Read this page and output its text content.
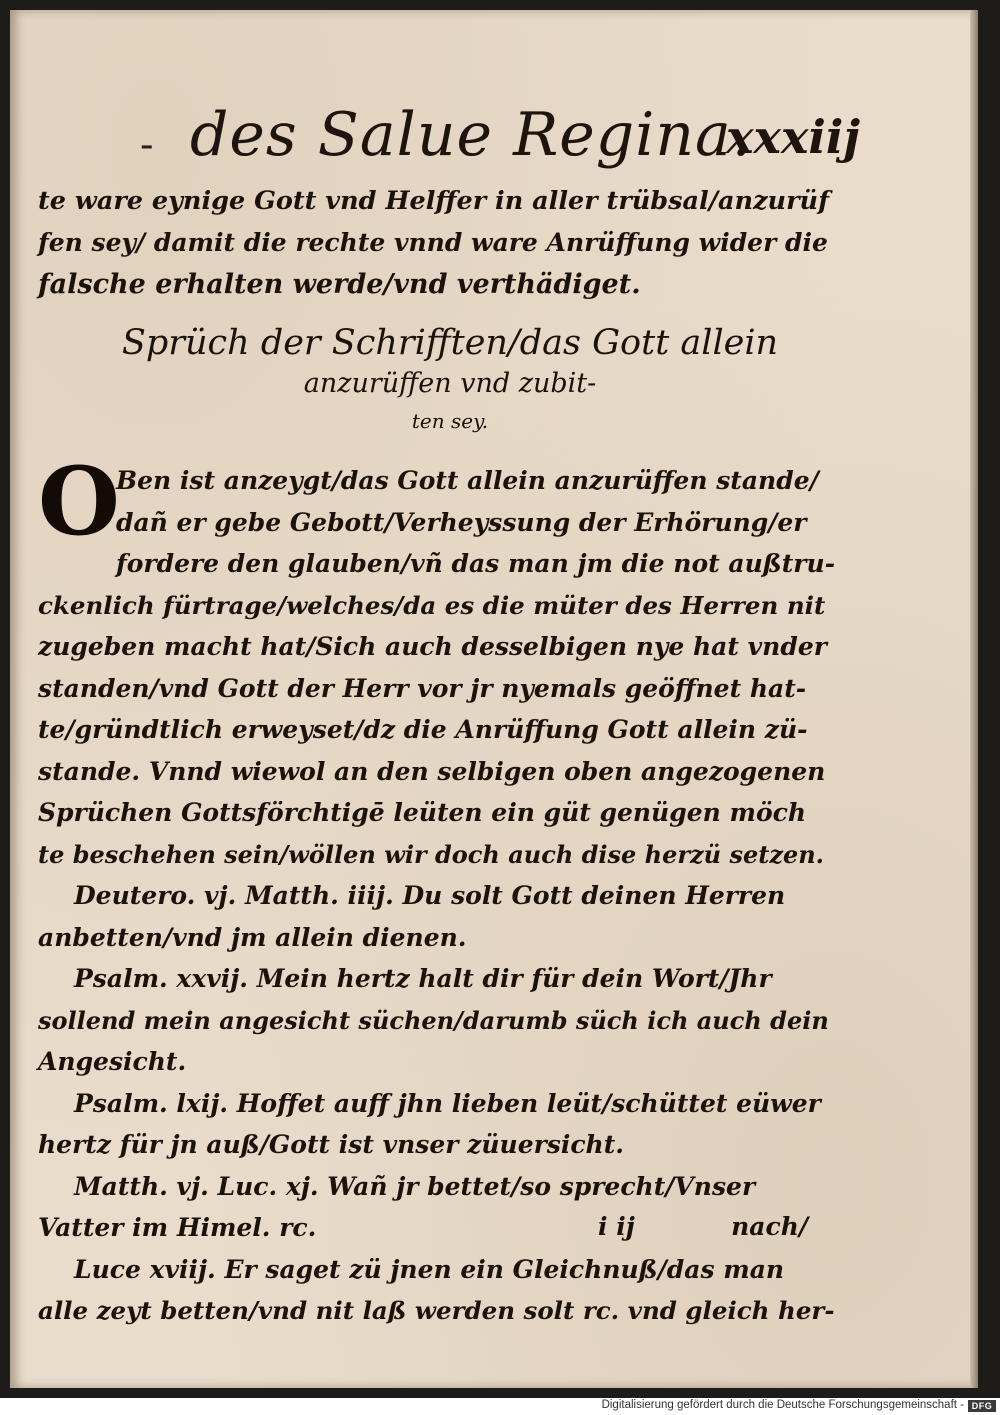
- des Salue Regina.
xxxiij
te ware eynige Gott vnd Helffer in aller trübsal/anzurüf
fen sey/ damit die rechte vnnd ware Anrüffung wider die
falsche erhalten werde/vnd verthädiget.
Sprüch der Schrifften/das Gott allein
anzurüffen vnd zubit-
ten sey.
O
Ben ist anzeygt/das Gott allein anzurüffen stande/
dañ er gebe Gebott/Verheyssung der Erhörung/er
fordere den glauben/vñ das man jm die not außtru-
ckenlich fürtrage/welches/da es die müter des Herren nit
zugeben macht hat/Sich auch desselbigen nye hat vnder
standen/vnd Gott der Herr vor jr nyemals geöffnet hat-
te/gründtlich erweyset/dz die Anrüffung Gott allein zü-
stande. Vnnd wiewol an den selbigen oben angezogenen
Sprüchen Gottsförchtigē leüten ein güt genügen möch
te beschehen sein/wöllen wir doch auch dise herzü setzen.
Deutero. vj. Matth. iiij. Du solt Gott deinen Herren
anbetten/vnd jm allein dienen.
Psalm. xxvij. Mein hertz halt dir für dein Wort/Jhr
sollend mein angesicht süchen/darumb süch ich auch dein
Angesicht.
Psalm. lxij. Hoffet auff jhn lieben leüt/schüttet eüwer
hertz für jn auß/Gott ist vnser züuersicht.
Matth. vj. Luc. xj. Wañ jr bettet/so sprecht/Vnser
Vatter im Himel. rc.
Luce xviij. Er saget zü jnen ein Gleichnuß/das man
alle zeyt betten/vnd nit laß werden solt rc. vnd gleich her-
i ij	nach/
Digitalisierung gefördert durch die Deutsche Forschungsgemeinschaft - DFG
